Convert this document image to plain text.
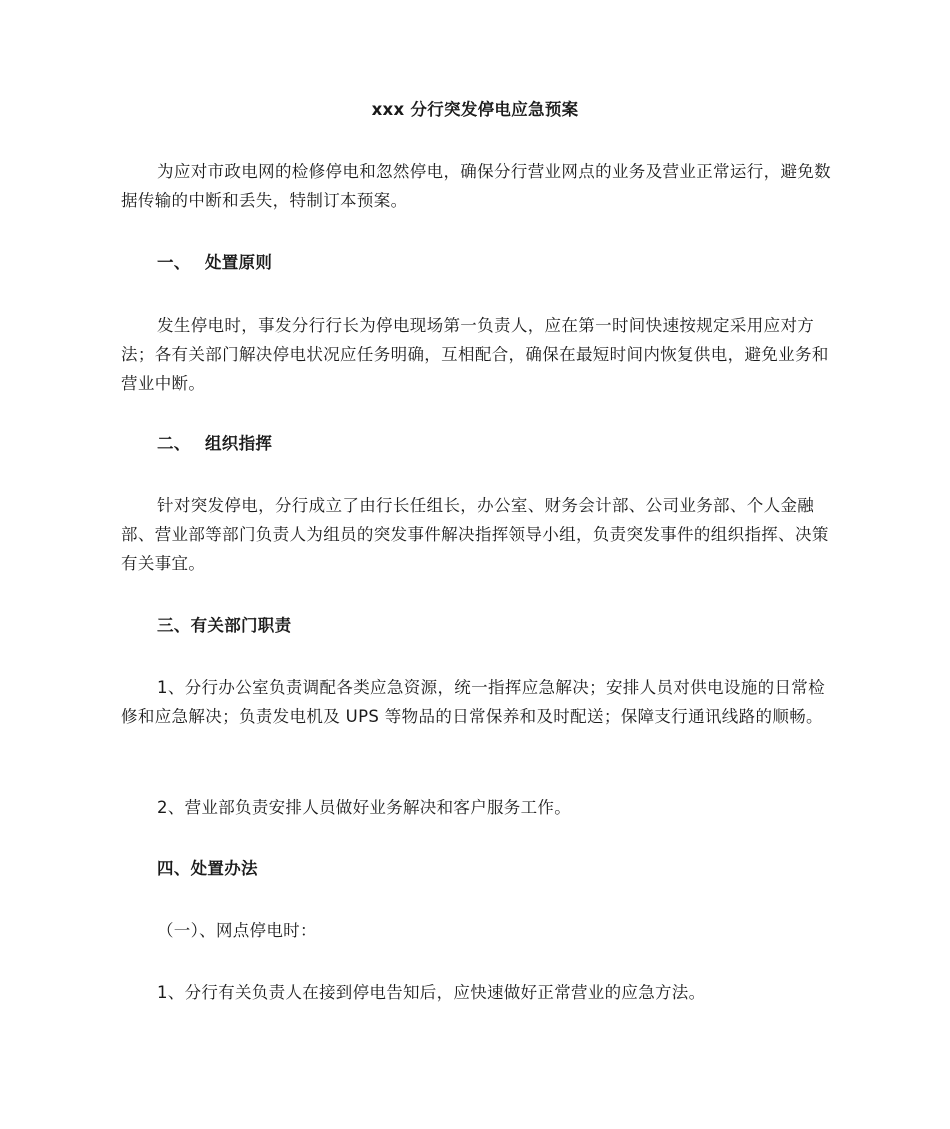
xxx 分行突发停电应急预案

为应对市政电网的检修停电和忽然停电，确保分行营业网点的业务及营业正常运行，避免数据传输的中断和丢失，特制订本预案。

一、 处置原则

发生停电时，事发分行行长为停电现场第一负责人，应在第一时间快速按规定采用应对方法；各有关部门解决停电状况应任务明确，互相配合，确保在最短时间内恢复供电，避免业务和营业中断。

二、 组织指挥

针对突发停电，分行成立了由行长任组长，办公室、财务会计部、公司业务部、个人金融部、营业部等部门负责人为组员的突发事件解决指挥领导小组，负责突发事件的组织指挥、决策有关事宜。

三、有关部门职责

1、分行办公室负责调配各类应急资源，统一指挥应急解决；安排人员对供电设施的日常检修和应急解决；负责发电机及 UPS 等物品的日常保养和及时配送；保障支行通讯线路的顺畅。

2、营业部负责安排人员做好业务解决和客户服务工作。

四、处置办法

（一）、网点停电时：

1、分行有关负责人在接到停电告知后，应快速做好正常营业的应急方法。
